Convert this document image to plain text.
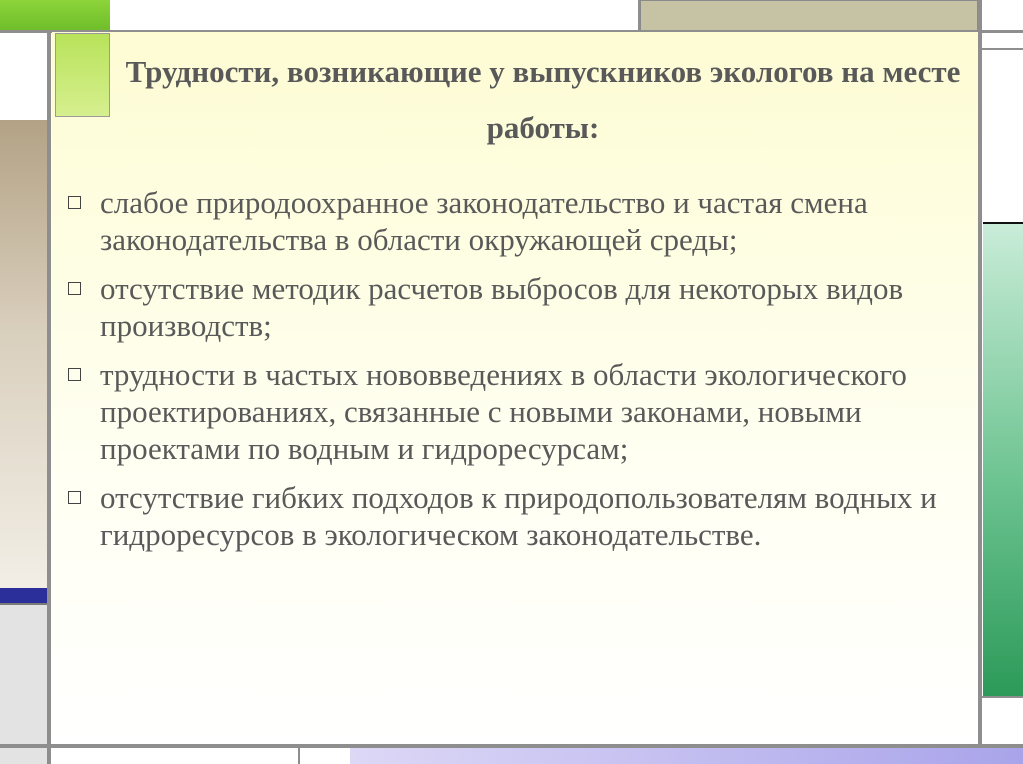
Трудности, возникающие у выпускников экологов на месте работы:
слабое природоохранное законодательство и частая смена законодательства в области окружающей среды;
отсутствие методик расчетов выбросов для некоторых видов производств;
трудности в частых нововведениях в области экологического проектированиях, связанные с новыми законами, новыми проектами по водным и гидроресурсам;
отсутствие гибких подходов к природопользователям водных и гидроресурсов в экологическом законодательстве.
